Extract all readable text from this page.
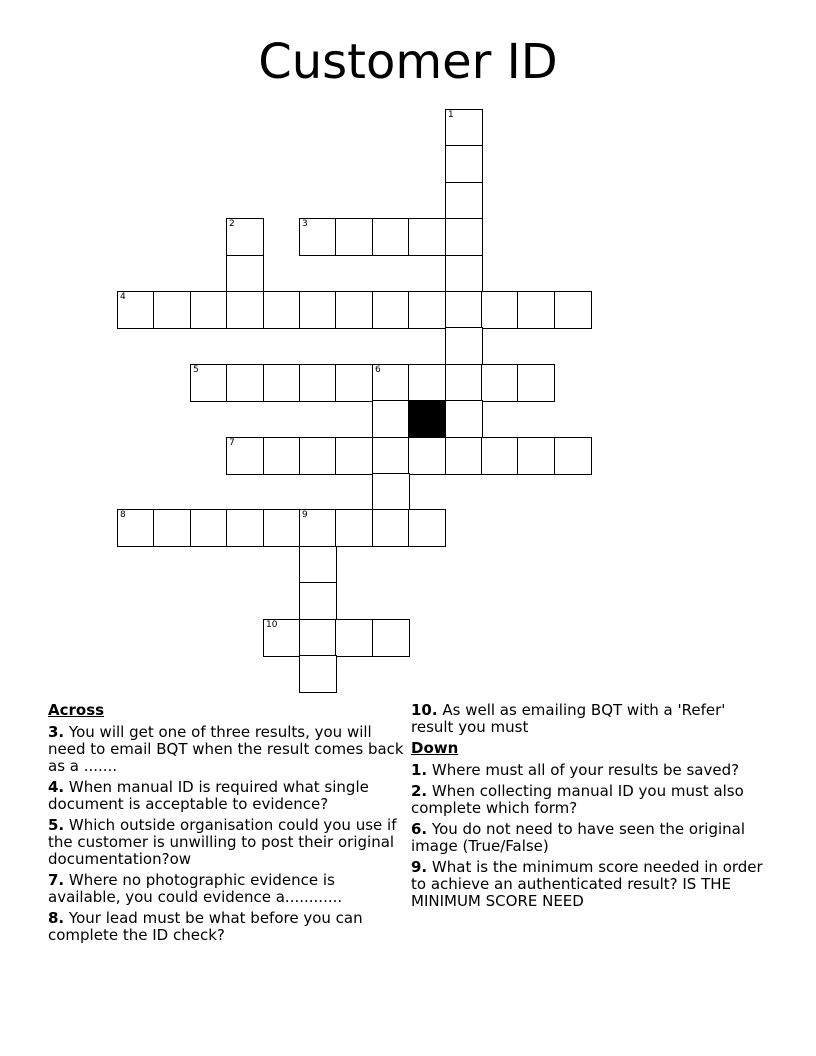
Customer ID
1
2	3
4
5	6
7
8	9
10
Across
3. You will get one of three results, you will need to email BQT when the result comes back as a .......
4. When manual ID is required what single document is acceptable to evidence?
5. Which outside organisation could you use if the customer is unwilling to post their original documentation?ow
7. Where no photographic evidence is available, you could evidence a............
8. Your lead must be what before you can complete the ID check?
10. As well as emailing BQT with a 'Refer' result you must
Down
1. Where must all of your results be saved?
2. When collecting manual ID you must also complete which form?
6. You do not need to have seen the original image (True/False)
9. What is the minimum score needed in order to achieve an authenticated result? IS THE MINIMUM SCORE NEED
